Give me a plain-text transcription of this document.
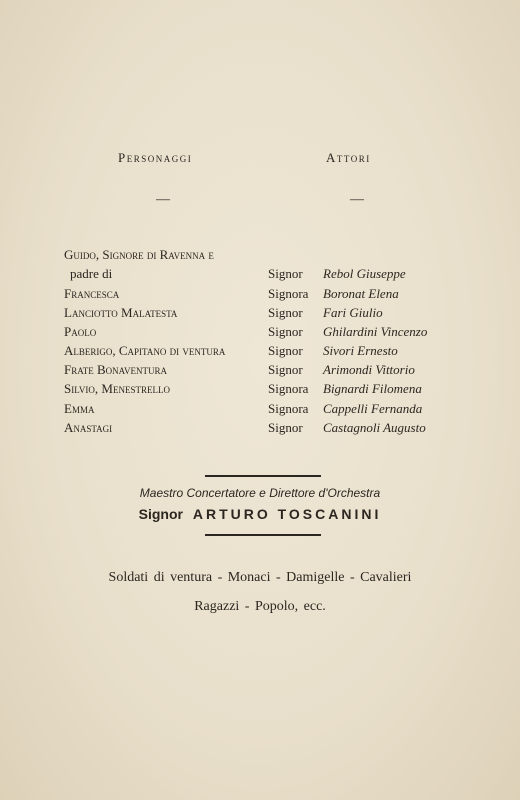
Personaggi	Attori
—	—
Guido, Signore di Ravenna e
padre di	Signor Rebol Giuseppe
Francesca	Signora Boronat Elena
Lanciotto Malatesta	Signor Fari Giulio
Paolo	Signor Ghilardini Vincenzo
Alberigo, Capitano di ventura	Signor Sivori Ernesto
Frate Bonaventura	Signor Arimondi Vittorio
Silvio, Menestrello	Signora Bignardi Filomena
Emma	Signora Cappelli Fernanda
Anastagi	Signor Castagnoli Augusto
Maestro Concertatore e Direttore d'Orchestra
Signor ARTURO TOSCANINI
Soldati di ventura - Monaci - Damigelle - Cavalieri
Ragazzi - Popolo, ecc.
